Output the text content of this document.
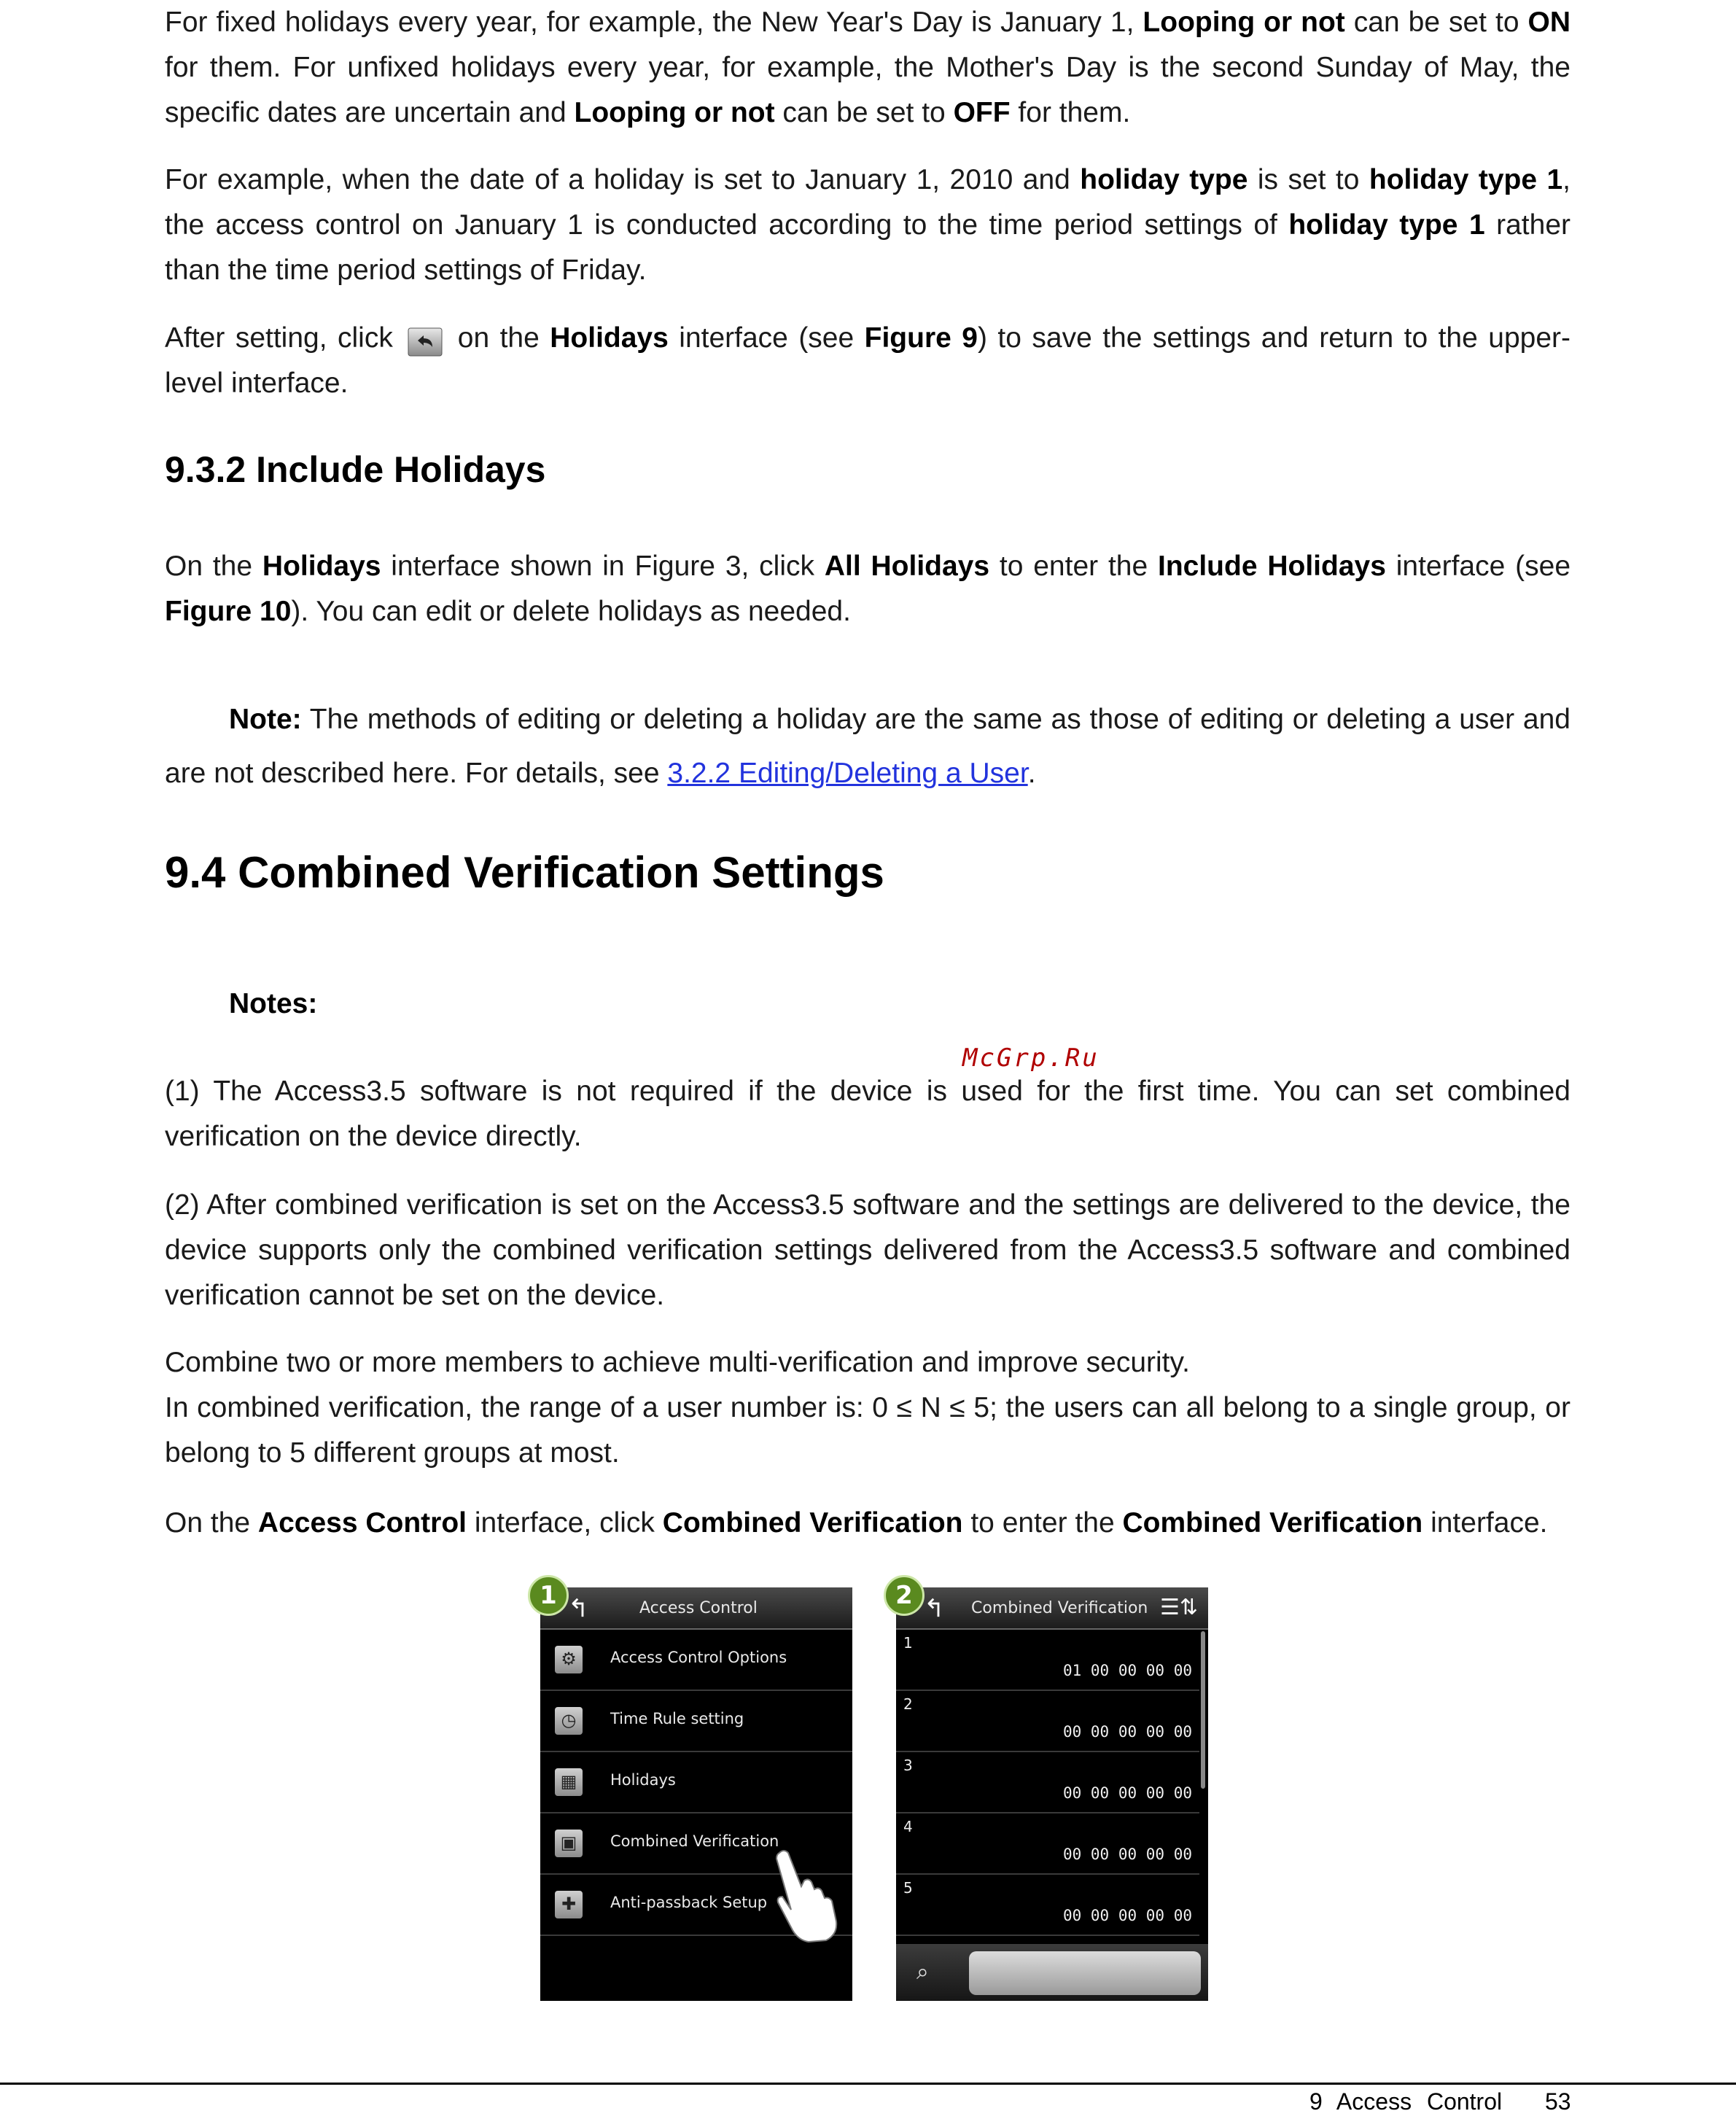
For fixed holidays every year, for example, the New Year's Day is January 1, Looping or not can be set to ON for them. For unfixed holidays every year, for example, the Mother's Day is the second Sunday of May, the specific dates are uncertain and Looping or not can be set to OFF for them.

For example, when the date of a holiday is set to January 1, 2010 and holiday type is set to holiday type 1, the access control on January 1 is conducted according to the time period settings of holiday type 1 rather than the time period settings of Friday.

After setting, click  on the Holidays interface (see Figure 9) to save the settings and return to the upper-level interface.

9.3.2 Include Holidays

On the Holidays interface shown in Figure 3, click All Holidays to enter the Include Holidays interface (see Figure 10). You can edit or delete holidays as needed.

Note: The methods of editing or deleting a holiday are the same as those of editing or deleting a user and are not described here. For details, see 3.2.2 Editing/Deleting a User.

9.4 Combined Verification Settings
Notes:
McGrp.Ru

(1) The Access3.5 software is not required if the device is used for the first time. You can set combined verification on the device directly.

(2) After combined verification is set on the Access3.5 software and the settings are delivered to the device, the device supports only the combined verification settings delivered from the Access3.5 software and combined verification cannot be set on the device.

Combine two or more members to achieve multi-verification and improve security.
In combined verification, the range of a user number is: 0 ≤ N ≤ 5; the users can all belong to a single group, or belong to 5 different groups at most.

On the Access Control interface, click Combined Verification to enter the Combined Verification interface.

↰	Access Control
⚙	Access Control Options
◷	Time Rule setting
▦	Holidays
▣	Combined Verification
✚	Anti-passback Setup
1	↰ Combined Verification ☰⇅
1
01 00 00 00 00
2
00 00 00 00 00
3
00 00 00 00 00
4
00 00 00 00 00
5
00 00 00 00 00
⌕
2
9 Access Control 53
